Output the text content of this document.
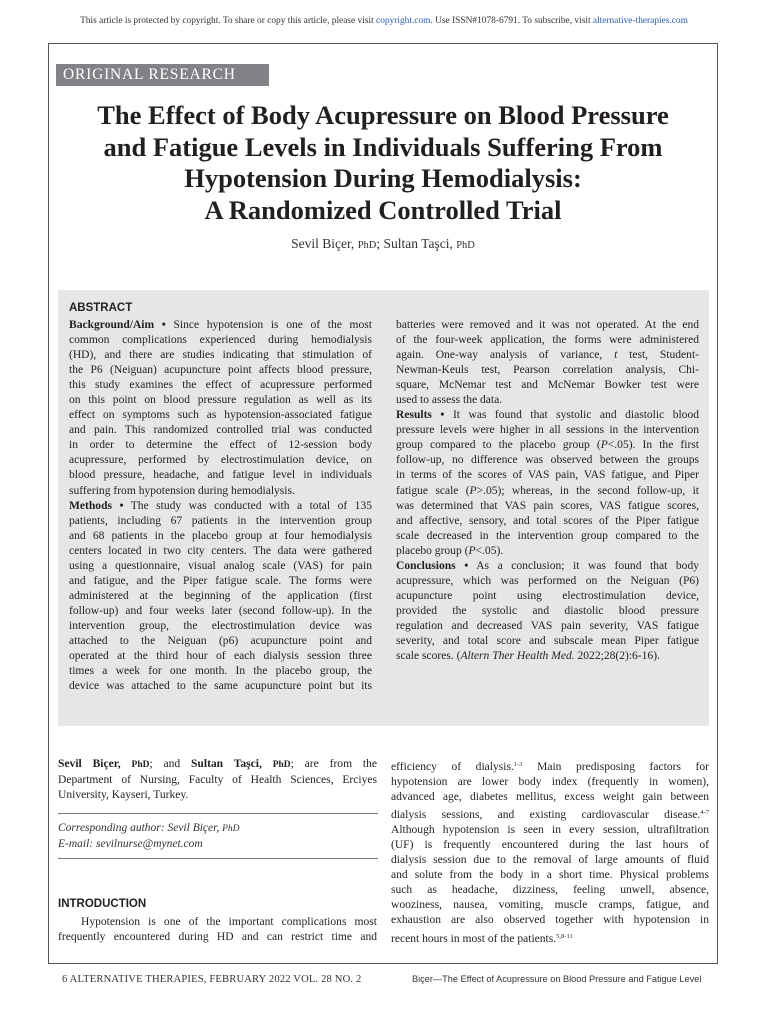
This article is protected by copyright. To share or copy this article, please visit copyright.com. Use ISSN#1078-6791. To subscribe, visit alternative-therapies.com
ORIGINAL RESEARCH
The Effect of Body Acupressure on Blood Pressure
and Fatigue Levels in Individuals Suffering From
Hypotension During Hemodialysis:
A Randomized Controlled Trial
Sevil Biçer, PhD; Sultan Taşci, PhD
ABSTRACT
Background/Aim • Since hypotension is one of the most
common complications experienced during hemodialysis
(HD), and there are studies indicating that stimulation of
the P6 (Neiguan) acupuncture point affects blood pressure,
this study examines the effect of acupressure performed
on this point on blood pressure regulation as well as its
effect on symptoms such as hypotension-associated fatigue
and pain. This randomized controlled trial was conducted
in order to determine the effect of 12-session body
acupressure, performed by electrostimulation device, on
blood pressure, headache, and fatigue level in individuals
suffering from hypotension during hemodialysis.
Methods • The study was conducted with a total of 135
patients, including 67 patients in the intervention group
and 68 patients in the placebo group at four hemodialysis
centers located in two city centers. The data were gathered
using a questionnaire, visual analog scale (VAS) for pain
and fatigue, and the Piper fatigue scale. The forms were
administered at the beginning of the application (first
follow-up) and four weeks later (second follow-up). In the
intervention group, the electrostimulation device was
attached to the Neiguan (p6) acupuncture point and
operated at the third hour of each dialysis session three
times a week for one month. In the placebo group, the
device was attached to the same acupuncture point but its
batteries were removed and it was not operated. At the end
of the four-week application, the forms were administered
again. One-way analysis of variance, t test, Student-
Newman-Keuls test, Pearson correlation analysis, Chi-
square, McNemar test and McNemar Bowker test were
used to assess the data.
Results • It was found that systolic and diastolic blood
pressure levels were higher in all sessions in the intervention
group compared to the placebo group (P<.05). In the first
follow-up, no difference was observed between the groups
in terms of the scores of VAS pain, VAS fatigue, and Piper
fatigue scale (P>.05); whereas, in the second follow-up, it
was determined that VAS pain scores, VAS fatigue scores,
and affective, sensory, and total scores of the Piper fatigue
scale decreased in the intervention group compared to the
placebo group (P<.05).
Conclusions • As a conclusion; it was found that body
acupressure, which was performed on the Neiguan (P6)
acupuncture point using electrostimulation device,
provided the systolic and diastolic blood pressure
regulation and decreased VAS pain severity, VAS fatigue
severity, and total score and subscale mean Piper fatigue
scale scores. (Altern Ther Health Med. 2022;28(2):6-16).
Sevil Biçer, PhD; and Sultan Taşci, PhD; are from the
Department of Nursing, Faculty of Health Sciences, Erciyes
University, Kayseri, Turkey.
Corresponding author: Sevil Biçer, PhD
E-mail: sevilnurse@mynet.com
INTRODUCTION
Hypotension is one of the important complications most
frequently encountered during HD and can restrict time and
efficiency of dialysis.$^{1-3}$ Main predisposing factors for
hypotension are lower body index (frequently in women),
advanced age, diabetes mellitus, excess weight gain between
dialysis sessions, and existing cardiovascular disease.$^{4-7}$
Although hypotension is seen in every session, ultrafiltration
(UF) is frequently encountered during the last hours of
dialysis session due to the removal of large amounts of fluid
and solute from the body in a short time. Physical problems
such as headache, dizziness, feeling unwell, absence,
wooziness, nausea, vomiting, muscle cramps, fatigue, and
exhaustion are also observed together with hypotension in
recent hours in most of the patients.$^{5,8-11}$
6 ALTERNATIVE THERAPIES, FEBRUARY 2022 VOL. 28 NO. 2	Biçer—The Effect of Acupressure on Blood Pressure and Fatigue Level
